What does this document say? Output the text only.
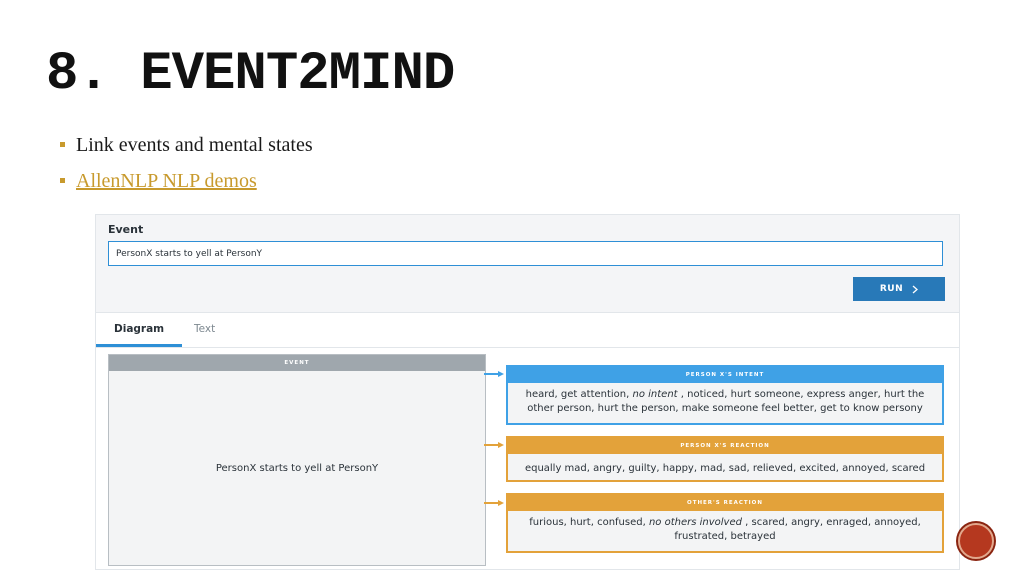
8. EVENT2MIND
Link events and mental states
AllenNLP NLP demos
Event
PersonX starts to yell at PersonY
RUN
Diagram	Text
EVENT
PersonX starts to yell at PersonY
PERSON X'S INTENT
heard, get attention, no intent , noticed, hurt someone, express anger, hurt the other person, hurt the person, make someone feel better, get to know persony
PERSON X'S REACTION
equally mad, angry, guilty, happy, mad, sad, relieved, excited, annoyed, scared
OTHER'S REACTION
furious, hurt, confused, no others involved , scared, angry, enraged, annoyed, frustrated, betrayed
